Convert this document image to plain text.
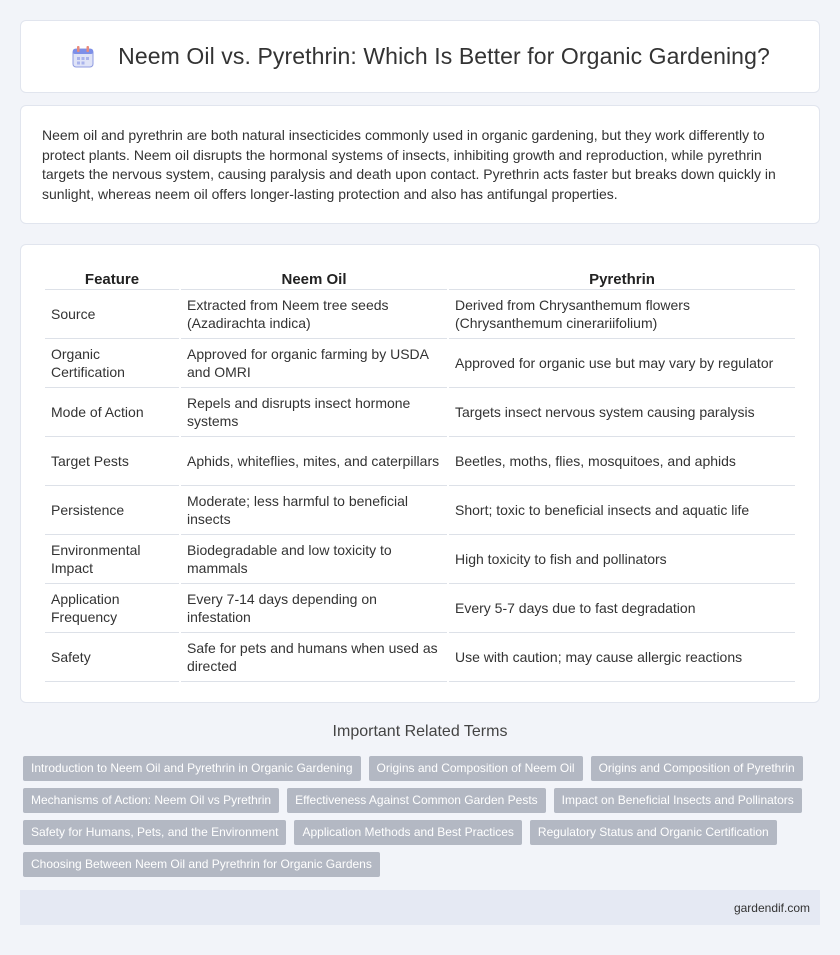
Neem Oil vs. Pyrethrin: Which Is Better for Organic Gardening?

Neem oil and pyrethrin are both natural insecticides commonly used in organic gardening, but they work differently to protect plants. Neem oil disrupts the hormonal systems of insects, inhibiting growth and reproduction, while pyrethrin targets the nervous system, causing paralysis and death upon contact. Pyrethrin acts faster but breaks down quickly in sunlight, whereas neem oil offers longer-lasting protection and also has antifungal properties.

Feature	Neem Oil	Pyrethrin
Source	Extracted from Neem tree seeds (Azadirachta indica)	Derived from Chrysanthemum flowers (Chrysanthemum cinerariifolium)
Organic Certification	Approved for organic farming by USDA and OMRI	Approved for organic use but may vary by regulator
Mode of Action	Repels and disrupts insect hormone systems	Targets insect nervous system causing paralysis
Target Pests	Aphids, whiteflies, mites, and caterpillars	Beetles, moths, flies, mosquitoes, and aphids
Persistence	Moderate; less harmful to beneficial insects	Short; toxic to beneficial insects and aquatic life
Environmental Impact	Biodegradable and low toxicity to mammals	High toxicity to fish and pollinators
Application Frequency	Every 7-14 days depending on infestation	Every 5-7 days due to fast degradation
Safety	Safe for pets and humans when used as directed	Use with caution; may cause allergic reactions
Important Related Terms
Introduction to Neem Oil and Pyrethrin in Organic Gardening	Origins and Composition of Neem Oil	Origins and Composition of Pyrethrin
Mechanisms of Action: Neem Oil vs Pyrethrin	Effectiveness Against Common Garden Pests	Impact on Beneficial Insects and Pollinators
Safety for Humans, Pets, and the Environment	Application Methods and Best Practices	Regulatory Status and Organic Certification
Choosing Between Neem Oil and Pyrethrin for Organic Gardens
gardendif.com
